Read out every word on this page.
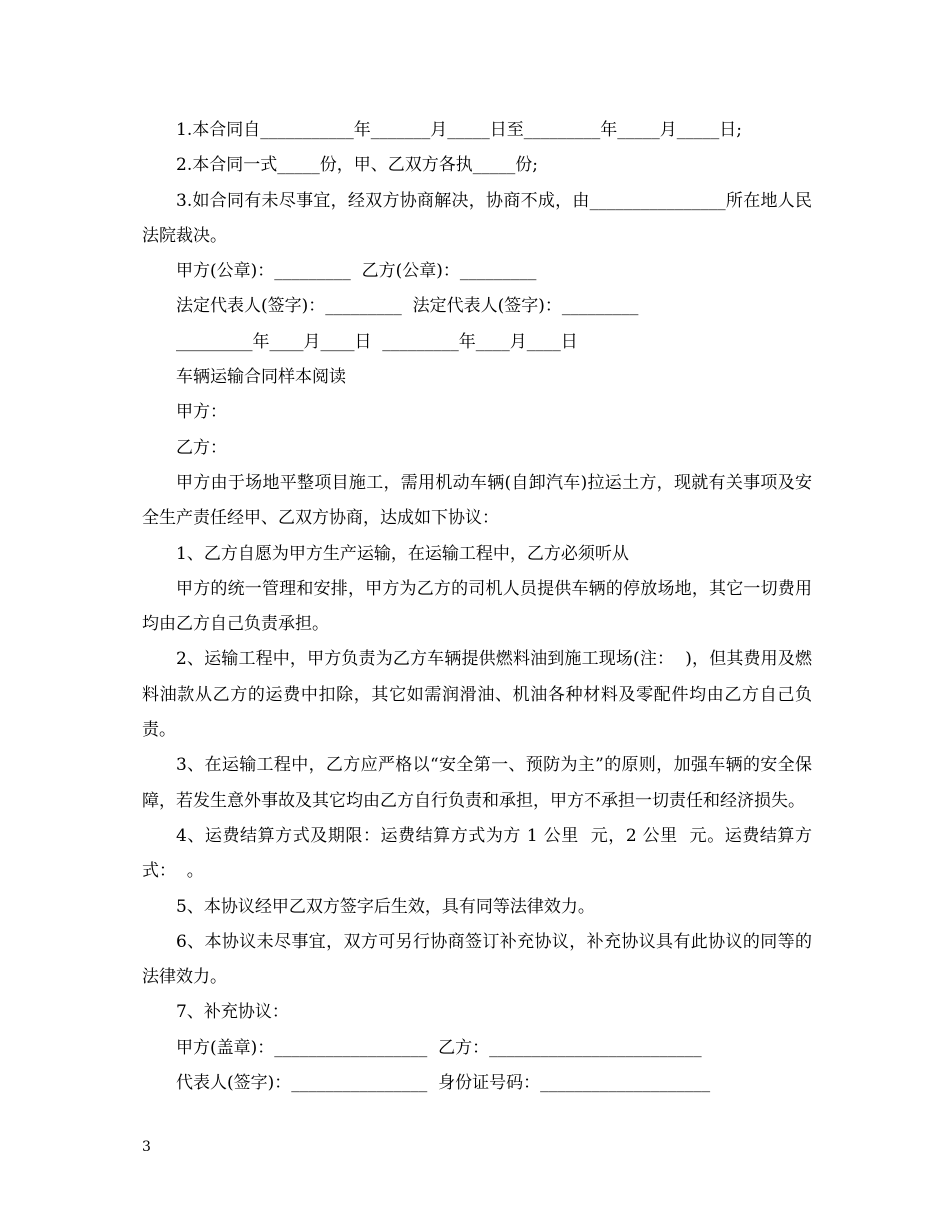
1.本合同自___________年_______月_____日至_________年_____月_____日;

2.本合同一式_____份，甲、乙双方各执_____份;

3.如合同有未尽事宜，经双方协商解决，协商不成，由________________所在地人民法院裁决。

甲方(公章)：_________  乙方(公章)：_________

法定代表人(签字)：_________  法定代表人(签字)：_________

_________年____月____日  _________年____月____日

车辆运输合同样本阅读

甲方：

乙方：

甲方由于场地平整项目施工，需用机动车辆(自卸汽车)拉运土方，现就有关事项及安全生产责任经甲、乙双方协商，达成如下协议：

1、乙方自愿为甲方生产运输，在运输工程中，乙方必须听从

甲方的统一管理和安排，甲方为乙方的司机人员提供车辆的停放场地，其它一切费用均由乙方自己负责承担。

2、运输工程中，甲方负责为乙方车辆提供燃料油到施工现场(注：  )，但其费用及燃料油款从乙方的运费中扣除，其它如需润滑油、机油各种材料及零配件均由乙方自己负责。

3、在运输工程中，乙方应严格以“安全第一、预防为主”的原则，加强车辆的安全保障，若发生意外事故及其它均由乙方自行负责和承担，甲方不承担一切责任和经济损失。

4、运费结算方式及期限：运费结算方式为方 1 公里  元，2 公里  元。运费结算方式：  。

5、本协议经甲乙双方签字后生效，具有同等法律效力。

6、本协议未尽事宜，双方可另行协商签订补充协议，补充协议具有此协议的同等的法律效力。

7、补充协议：

甲方(盖章)：__________________  乙方：_________________________

代表人(签字)：________________  身份证号码：____________________

3
